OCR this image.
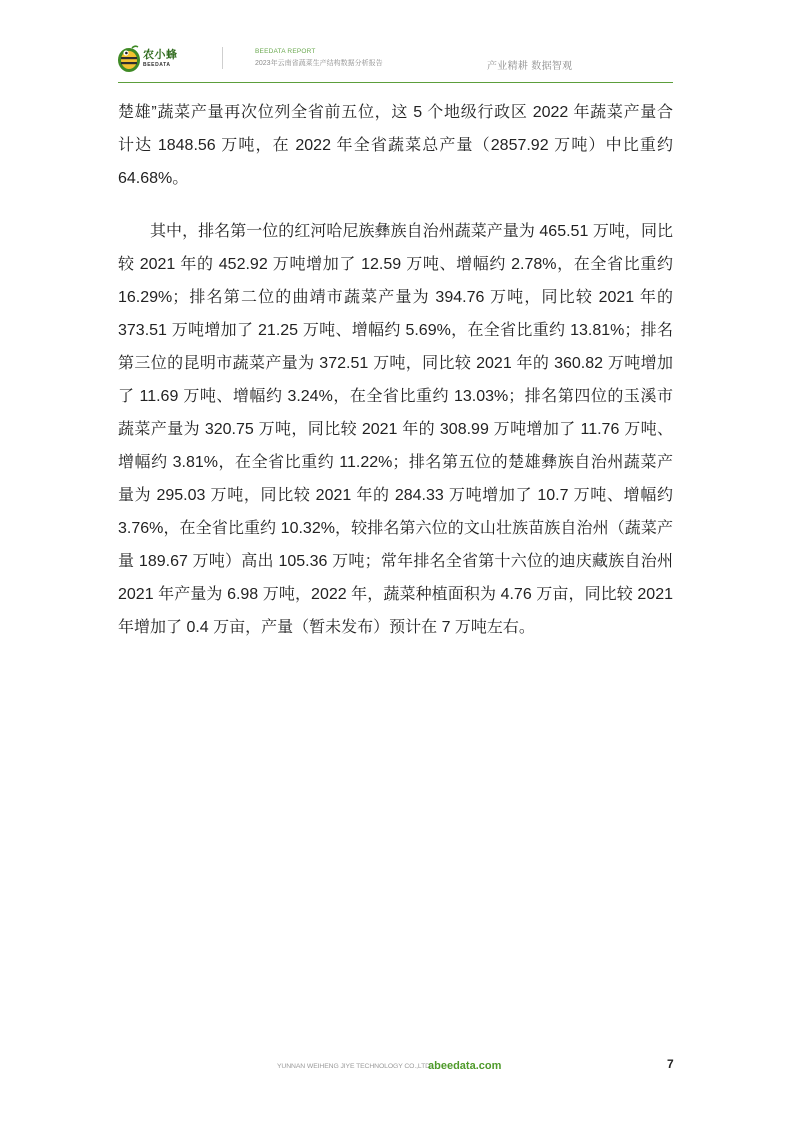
农小蜂
BEEDATA
BEEDATA REPORT
2023年云南省蔬菜生产结构数据分析报告	产业精耕 数据智观
楚雄”蔬菜产量再次位列全省前五位，这 5 个地级行政区 2022 年蔬菜产量合
计达 1848.56 万吨，在 2022 年全省蔬菜总产量（2857.92 万吨）中比重约
64.68%。
其中，排名第一位的红河哈尼族彝族自治州蔬菜产量为 465.51 万吨，同比
较 2021 年的 452.92 万吨增加了 12.59 万吨、增幅约 2.78%，在全省比重约
16.29%；排名第二位的曲靖市蔬菜产量为 394.76 万吨，同比较 2021 年的
373.51 万吨增加了 21.25 万吨、增幅约 5.69%，在全省比重约 13.81%；排名
第三位的昆明市蔬菜产量为 372.51 万吨，同比较 2021 年的 360.82 万吨增加
了 11.69 万吨、增幅约 3.24%，在全省比重约 13.03%；排名第四位的玉溪市
蔬菜产量为 320.75 万吨，同比较 2021 年的 308.99 万吨增加了 11.76 万吨、
增幅约 3.81%，在全省比重约 11.22%；排名第五位的楚雄彝族自治州蔬菜产
量为 295.03 万吨，同比较 2021 年的 284.33 万吨增加了 10.7 万吨、增幅约
3.76%，在全省比重约 10.32%，较排名第六位的文山壮族苗族自治州（蔬菜产
量 189.67 万吨）高出 105.36 万吨；常年排名全省第十六位的迪庆藏族自治州
2021 年产量为 6.98 万吨，2022 年，蔬菜种植面积为 4.76 万亩，同比较 2021
年增加了 0.4 万亩，产量（暂未发布）预计在 7 万吨左右。
YUNNAN WEIHENG JIYE TECHNOLOGY CO.,LTD.
abeedata.com	7
